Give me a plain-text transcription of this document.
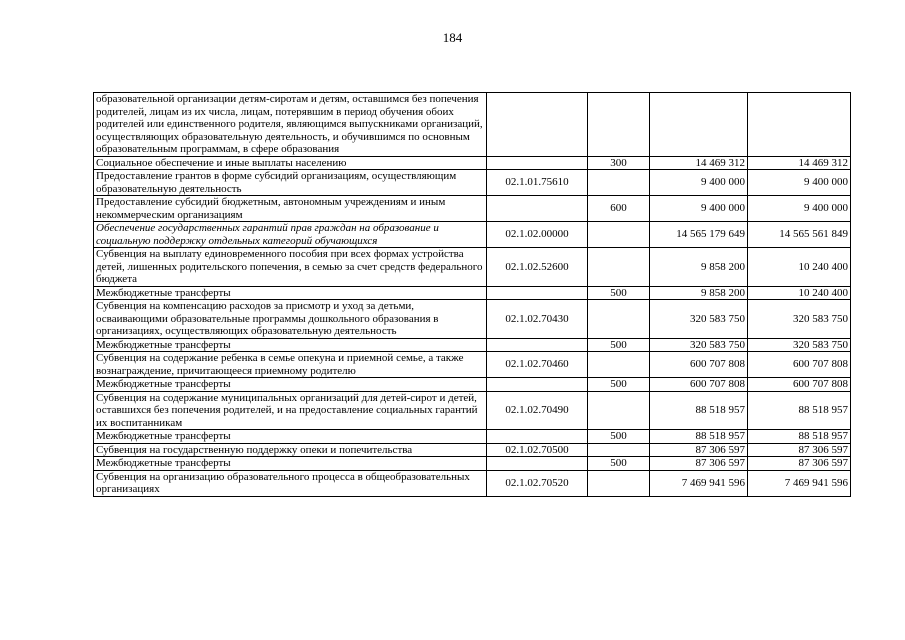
184
образовательной организации детям-сиротам и детям, оставшимся без попечения родителей, лицам из их числа, лицам, потерявшим в период обучения обоих родителей или единственного родителя, являющимся выпускниками организаций, осуществляющих образовательную деятельность, и обучившимся по основным образовательным программам, в сфере образования				
Социальное обеспечение и иные выплаты населению		300	14 469 312	14 469 312
Предоставление грантов в форме субсидий организациям, осуществляющим образовательную деятельность	02.1.01.75610		9 400 000	9 400 000
Предоставление субсидий бюджетным, автономным учреждениям и иным некоммерческим организациям		600	9 400 000	9 400 000
Обеспечение государственных гарантий прав граждан на образование и социальную поддержку отдельных категорий обучающихся	02.1.02.00000		14 565 179 649	14 565 561 849
Субвенция на выплату единовременного пособия при всех формах устройства детей, лишенных родительского попечения, в семью за счет средств федерального бюджета	02.1.02.52600		9 858 200	10 240 400
Межбюджетные трансферты		500	9 858 200	10 240 400
Субвенция на компенсацию расходов за присмотр и уход за детьми, осваивающими образовательные программы дошкольного образования в организациях, осуществляющих образовательную деятельность	02.1.02.70430		320 583 750	320 583 750
Межбюджетные трансферты		500	320 583 750	320 583 750
Субвенция на содержание ребенка в семье опекуна и приемной семье, а также вознаграждение, причитающееся приемному родителю	02.1.02.70460		600 707 808	600 707 808
Межбюджетные трансферты		500	600 707 808	600 707 808
Субвенция на содержание муниципальных организаций для детей-сирот и детей, оставшихся без попечения родителей, и на предоставление социальных гарантий их воспитанникам	02.1.02.70490		88 518 957	88 518 957
Межбюджетные трансферты		500	88 518 957	88 518 957
Субвенция на государственную поддержку опеки и попечительства	02.1.02.70500		87 306 597	87 306 597
Межбюджетные трансферты		500	87 306 597	87 306 597
Субвенция на организацию образовательного процесса в общеобразовательных организациях	02.1.02.70520		7 469 941 596	7 469 941 596
